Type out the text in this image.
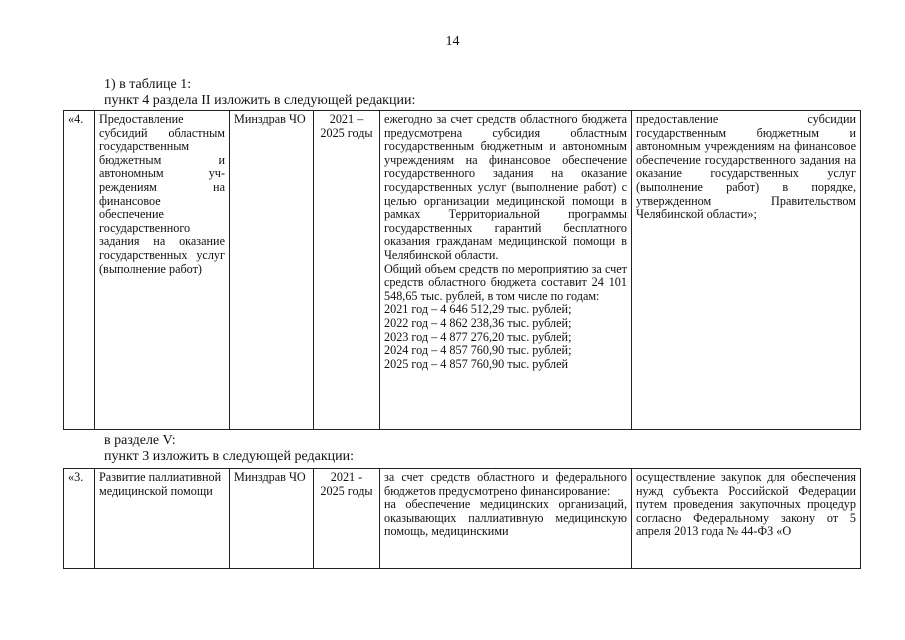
14
1) в таблице 1:
пункт 4 раздела II изложить в следующей редакции:
«4.	Предоставление субсидий областным государственным бюджетным и автономным учреждениям на финансовое обеспечение государственного задания на оказание государственных услуг (выполнение работ)	Минздрав ЧО	2021 – 2025 годы	

ежегодно за счет средств областного бюджета предусмотрена субсидия областным государственным бюджетным и автономным учреждениям на финансовое обеспечение государственного задания на оказание государственных услуг (выполнение работ) с целью организации медицинской помощи в рамках Территориальной программы государственных гарантий бесплатного оказания гражданам медицинской помощи в Челябинской области.

Общий объем средств по мероприятию за счет средств областного бюджета составит 24 101 548,65 тыс. рублей, в том числе по годам:

2021 год – 4 646 512,29 тыс. рублей;

2022 год – 4 862 238,36 тыс. рублей;

2023 год – 4 877 276,20 тыс. рублей;

2024 год – 4 857 760,90 тыс. рублей;

2025 год – 4 857 760,90 тыс. рублей

	предоставление субсидии государственным бюджетным и автономным учреждениям на финансовое обеспечение государственного задания на оказание государственных услуг (выполнение работ) в порядке, утвержденном Правительством Челябинской области»;
в разделе V:
пункт 3 изложить в следующей редакции:
«3.	Развитие паллиативной медицинской помощи	Минздрав ЧО	2021 - 2025 годы	

за счет средств областного и федерального бюджетов предусмотрено финансирование:

на обеспечение медицинских организаций, оказывающих паллиативную медицинскую помощь, медицинскими

	осуществление закупок для обеспечения нужд субъекта Российской Федерации путем проведения закупочных процедур согласно Федеральному закону от 5 апреля 2013 года № 44-ФЗ «О
